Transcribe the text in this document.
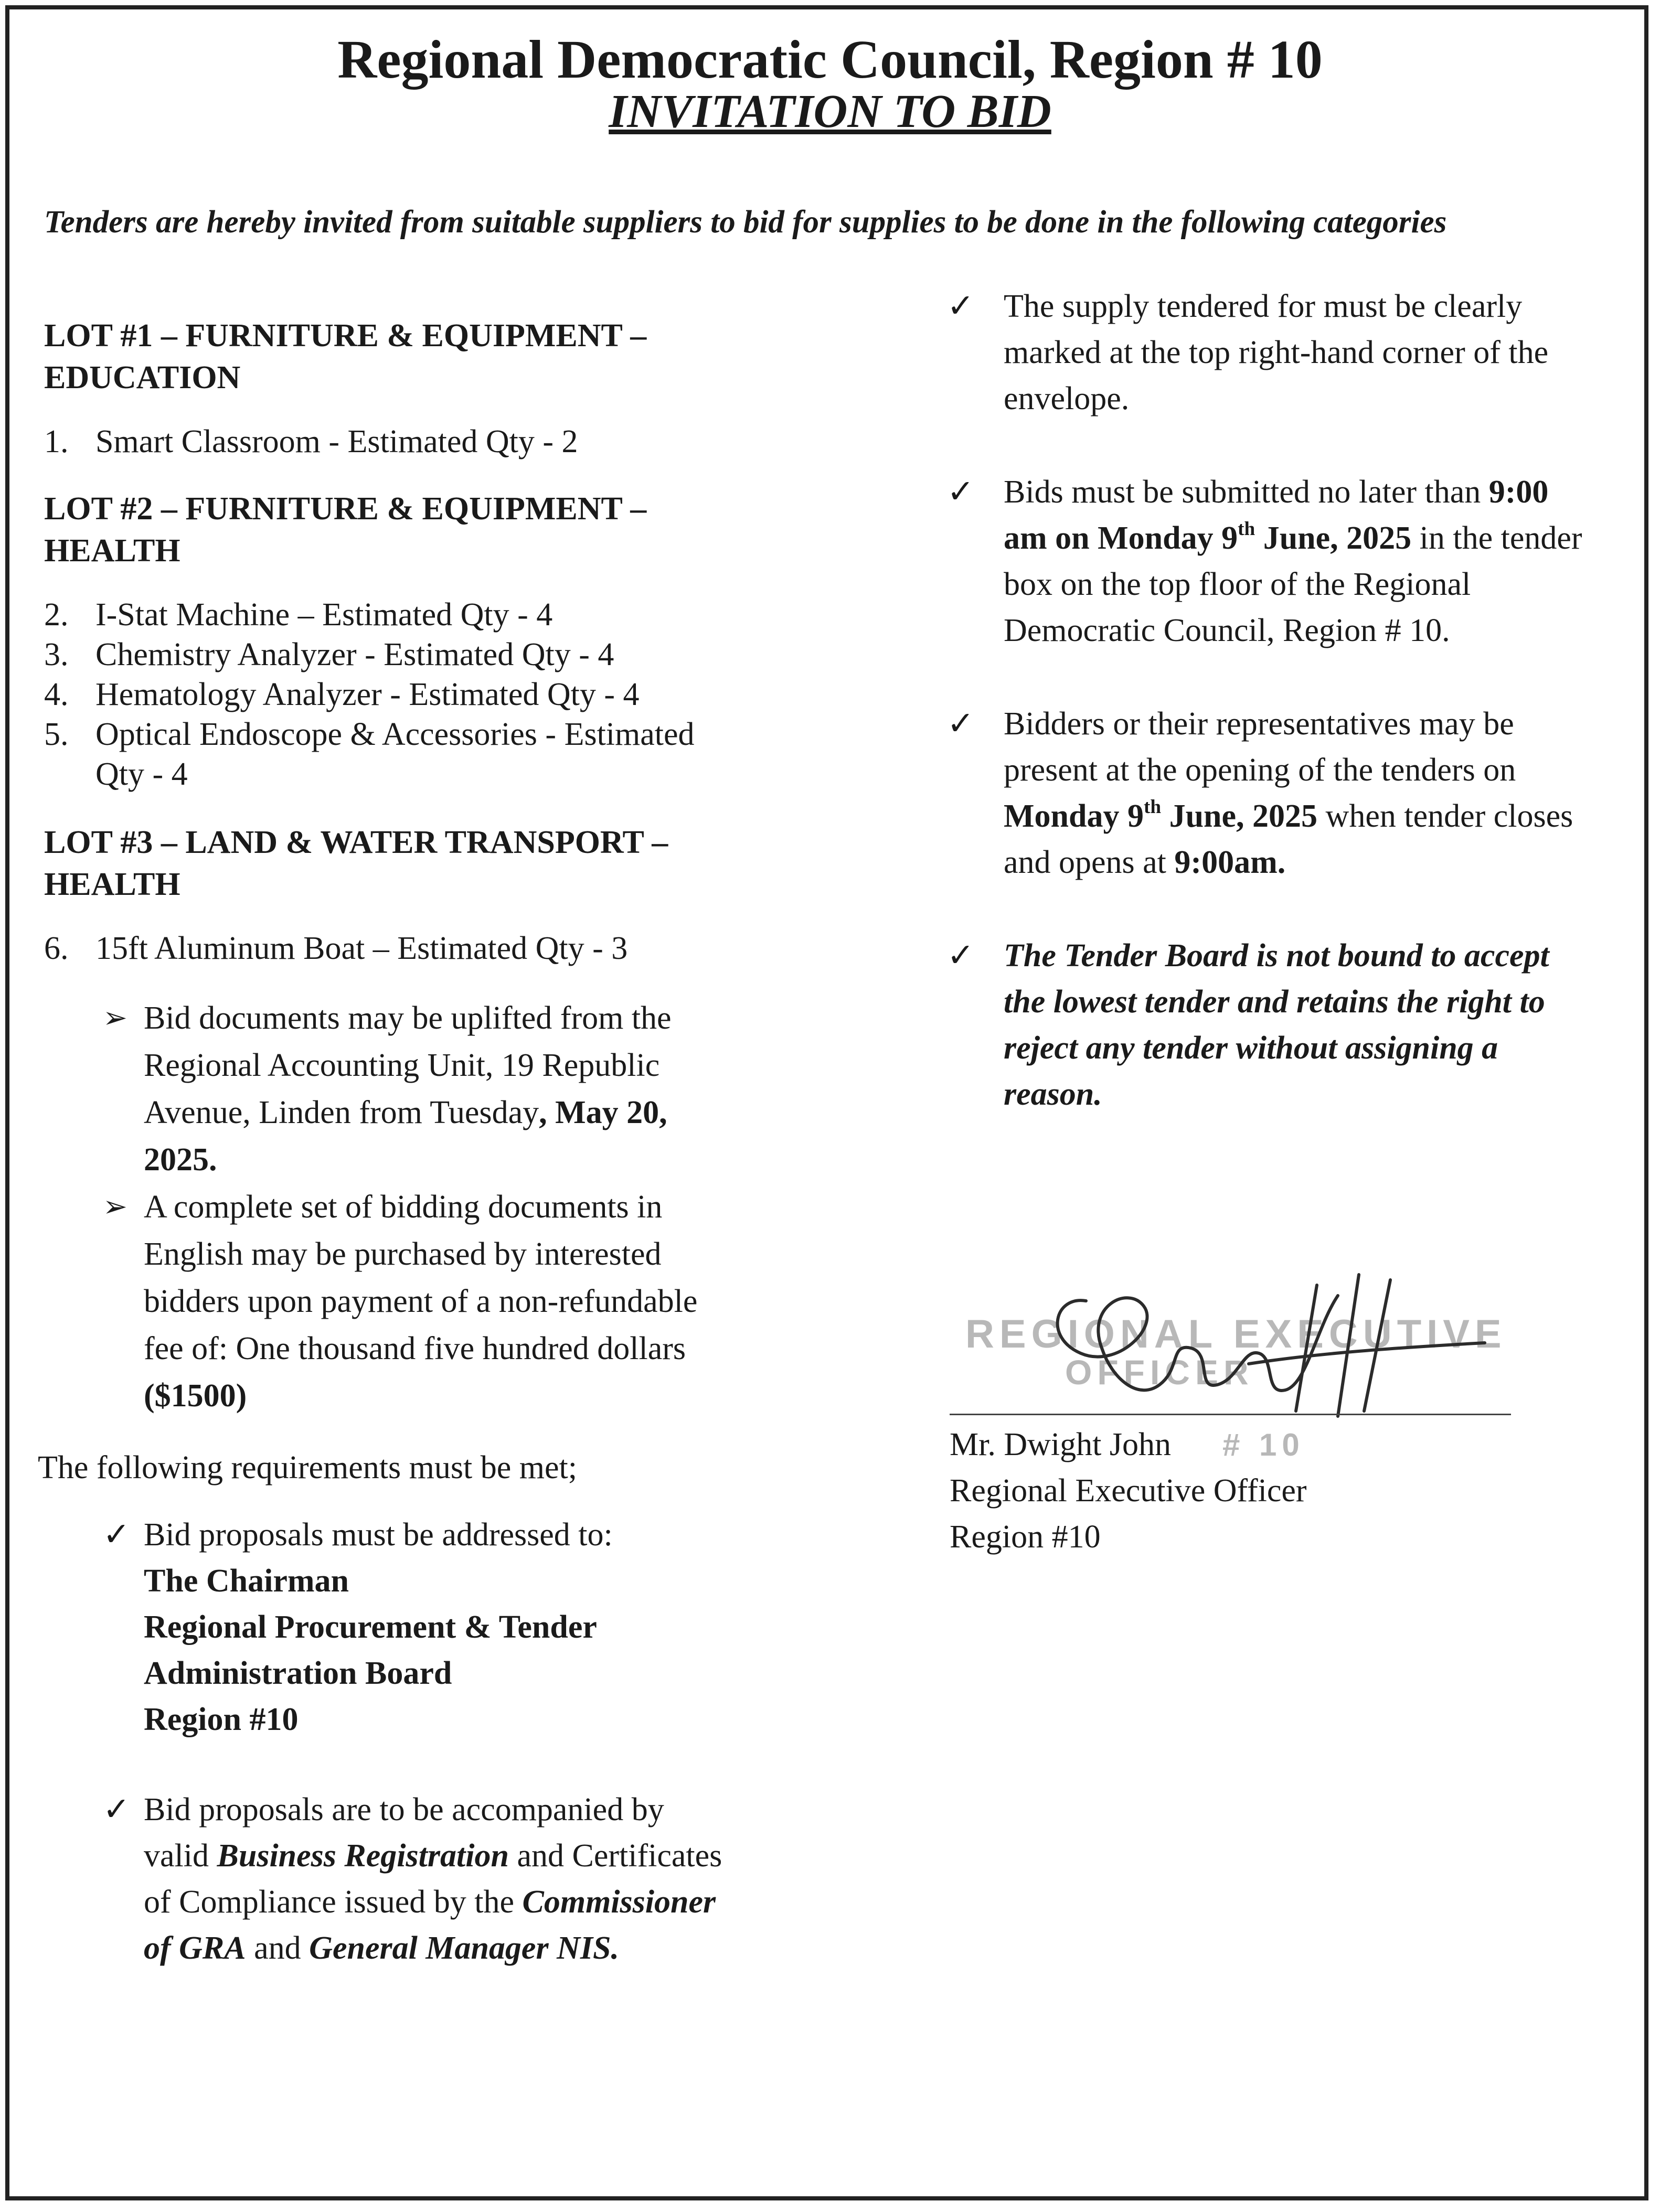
Regional Democratic Council, Region # 10
INVITATION TO BID
Tenders are hereby invited from suitable suppliers to bid for supplies to be done in the following categories

LOT #1 – FURNITURE & EQUIPMENT –
EDUCATION

1. Smart Classroom - Estimated Qty - 2

LOT #2 – FURNITURE & EQUIPMENT –
HEALTH

2. I-Stat Machine – Estimated Qty - 4
3. Chemistry Analyzer - Estimated Qty - 4
4. Hematology Analyzer - Estimated Qty - 4
5. Optical Endoscope & Accessories - Estimated
Qty - 4

LOT #3 – LAND & WATER TRANSPORT –
HEALTH

6. 15ft Aluminum Boat – Estimated Qty - 3
➢ Bid documents may be uplifted from the
Regional Accounting Unit, 19 Republic
Avenue, Linden from Tuesday, May 20,
2025.
➢ A complete set of bidding documents in
English may be purchased by interested
bidders upon payment of a non-refundable
fee of: One thousand five hundred dollars
($1500)

The following requirements must be met;

✓ Bid proposals must be addressed to:
The Chairman
Regional Procurement & Tender
Administration Board
Region #10
✓ Bid proposals are to be accompanied by
valid Business Registration and Certificates
of Compliance issued by the Commissioner
of GRA and General Manager NIS.
✓ The supply tendered for must be clearly
marked at the top right-hand corner of the
envelope.
✓ Bids must be submitted no later than 9:00
am on Monday 9th June, 2025 in the tender
box on the top floor of the Regional
Democratic Council, Region # 10.
✓ Bidders or their representatives may be
present at the opening of the tenders on
Monday 9th June, 2025 when tender closes
and opens at 9:00am.
✓ The Tender Board is not bound to accept
the lowest tender and retains the right to
reject any tender without assigning a
reason.
REGIONAL EXECUTIVE
OFFICER
# 10
Mr. Dwight John
Regional Executive Officer
Region #10
